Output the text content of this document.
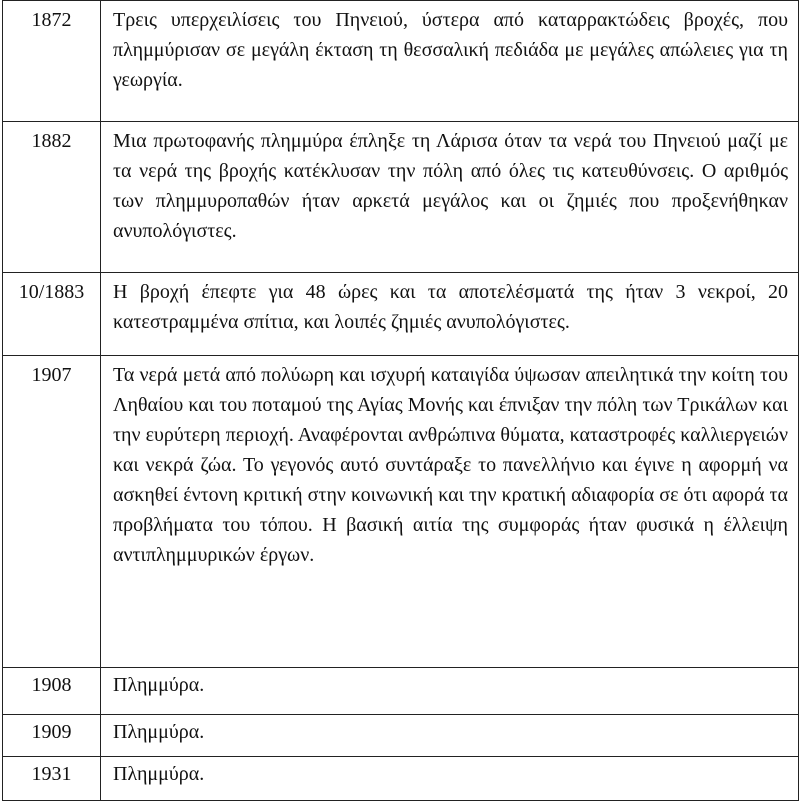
1872	Τρεις υπερχειλίσεις του Πηνειού, ύστερα από καταρρακτώδεις βροχές, που πλημμύρισαν σε μεγάλη έκταση τη θεσσαλική πεδιάδα με μεγάλες απώλειες για τη γεωργία.
1882	Μια πρωτοφανής πλημμύρα έπληξε τη Λάρισα όταν τα νερά του Πηνειού μαζί με τα νερά της βροχής κατέκλυσαν την πόλη από όλες τις κατευθύνσεις. Ο αριθμός των πλημμυροπαθών ήταν αρκετά μεγάλος και οι ζημιές που προξενήθηκαν ανυπολόγιστες.
10/1883	Η βροχή έπεφτε για 48 ώρες και τα αποτελέσματά της ήταν 3 νεκροί, 20 κατεστραμμένα σπίτια, και λοιπές ζημιές ανυπολόγιστες.
1907	Τα νερά μετά από πολύωρη και ισχυρή καταιγίδα ύψωσαν απειλητικά την κοίτη του Ληθαίου και του ποταμού της Αγίας Μονής και έπνιξαν την πόλη των Τρικάλων και την ευρύτερη περιοχή. Αναφέρονται ανθρώπινα θύματα, καταστροφές καλλιεργειών και νεκρά ζώα. Το γεγονός αυτό συντάραξε το πανελλήνιο και έγινε η αφορμή να ασκηθεί έντονη κριτική στην κοινωνική και την κρατική αδιαφορία σε ότι αφορά τα προβλήματα του τόπου. Η βασική αιτία της συμφοράς ήταν φυσικά η έλλειψη αντιπλημμυρικών έργων.
1908	Πλημμύρα.
1909	Πλημμύρα.
1931	Πλημμύρα.
